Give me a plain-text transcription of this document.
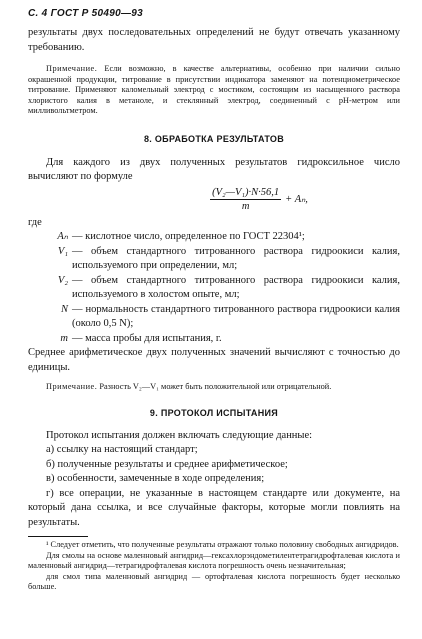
С. 4 ГОСТ Р 50490—93

результаты двух последовательных определений не будут отвечать указанному требованию.

Примечание. Если возможно, в качестве альтернативы, особенно при наличии сильно окрашенной продукции, титрование в присутствии индикатора заменяют на потенциометрическое титрование. Применяют каломельный электрод с мостиком, состоящим из насыщенного раствора хлористого калия в метаноле, и стеклянный электрод, соединенный с pH-метром или милливольтметром.

8. ОБРАБОТКА РЕЗУЛЬТАТОВ

Для каждого из двух полученных результатов гидроксильное число вычисляют по формуле

$\frac{\text{(V₂—V₁)·N·56,1}}{m} + A_n$,

где

Aₙ — кислотное число, определенное по ГОСТ 22304¹;
V₁ — объем стандартного титрованного раствора гидроокиси калия, используемого при определении, мл;
V₂ — объем стандартного титрованного раствора гидроокиси калия, используемого в холостом опыте, мл;
N — нормальность стандартного титрованного раствора гидроокиси калия (около 0,5 N);
m — масса пробы для испытания, г.

Среднее арифметическое двух полученных значений вычисляют с точностью до единицы.

Примечание. Разность V₂—V₁ может быть положительной или отрицательной.

9. ПРОТОКОЛ ИСПЫТАНИЯ

Протокол испытания должен включать следующие данные:

а) ссылку на настоящий стандарт;

б) полученные результаты и среднее арифметическое;

в) особенности, замеченные в ходе определения;

г) все операции, не указанные в настоящем стандарте или документе, на который дана ссылка, и все случайные факторы, которые могли повлиять на результаты.

¹ Следует отметить, что полученные результаты отражают только половину свободных ангидридов.

Для смолы на основе маленновый ангидрид—гексахлорэндометилентетрагидрофталевая кислота и маленновый ангидрид—тетрагидрофталевая кислота погрешность очень незначительная;

для смол типа маленновый ангидрид — ортофталевая кислота погрешность будет несколько больше.
